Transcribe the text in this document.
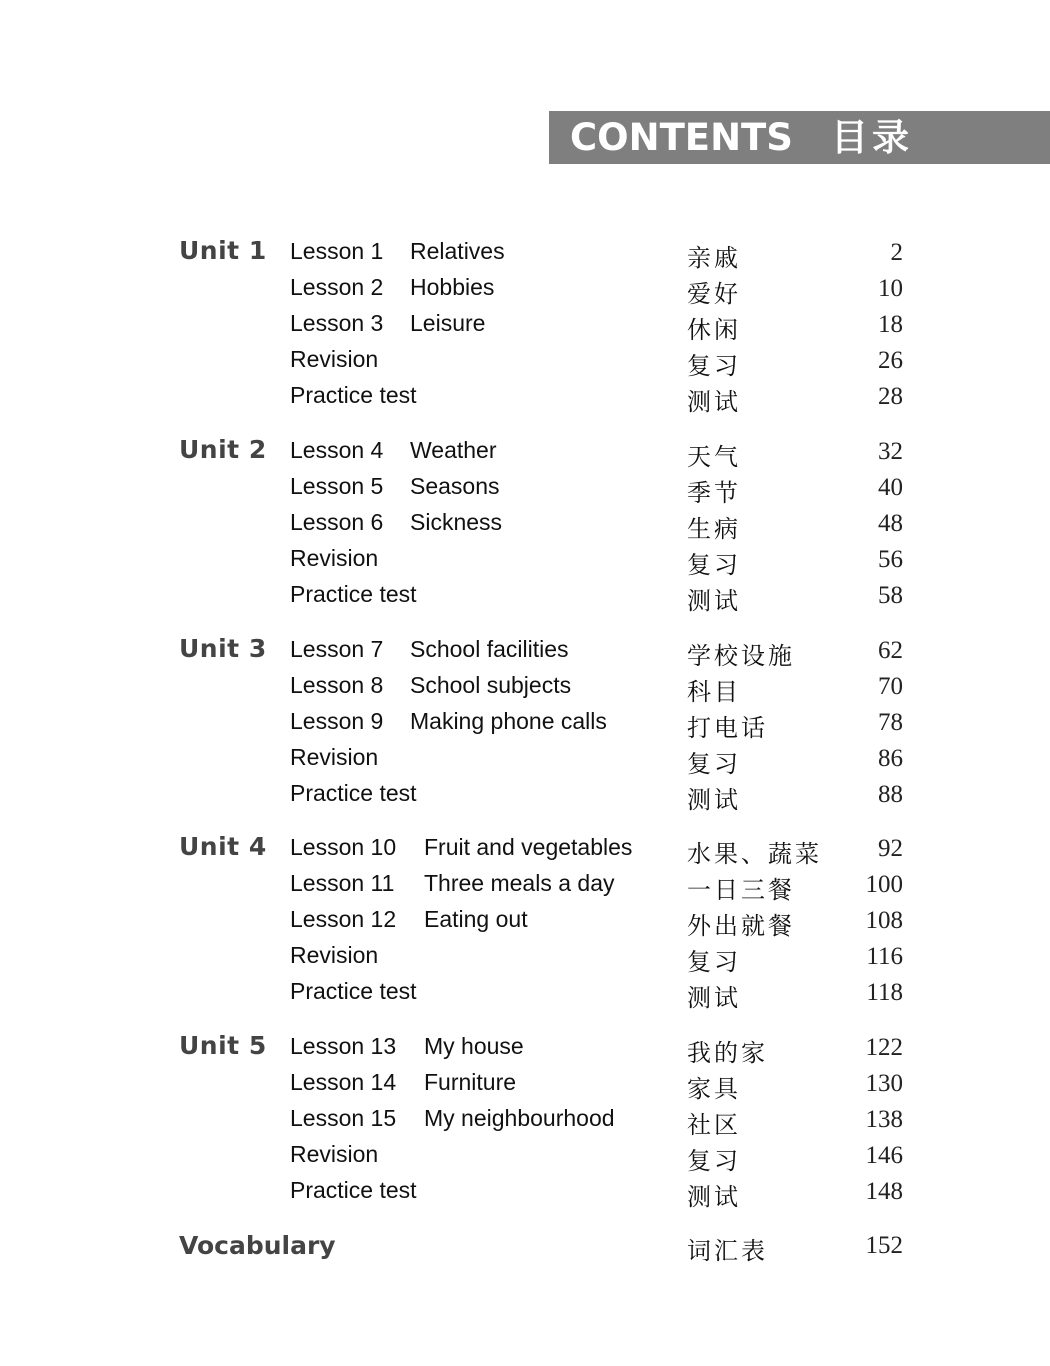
CONTENTS 目录
Unit 1 Lesson 1 Relatives	亲戚	2
Lesson 2 Hobbies	爱好	10
Lesson 3 Leisure	休闲	18
Revision	复习	26
Practice test	测试	28
Unit 2 Lesson 4 Weather	天气	32
Lesson 5 Seasons	季节	40
Lesson 6 Sickness	生病	48
Revision	复习	56
Practice test	测试	58
Unit 3 Lesson 7 School facilities	学校设施	62
Lesson 8 School subjects	科目	70
Lesson 9 Making phone calls	打电话	78
Revision	复习	86
Practice test	测试	88
Unit 4 Lesson 10 Fruit and vegetables 水果、蔬菜 92
Lesson 11 Three meals a day	一日三餐	100
Lesson 12 Eating out	外出就餐	108
Revision	复习	116
Practice test	测试	118
Unit 5 Lesson 13 My house	我的家	122
Lesson 14 Furniture	家具	130
Lesson 15 My neighbourhood	社区	138
Revision	复习	146
Practice test	测试	148
Vocabulary	词汇表	152
